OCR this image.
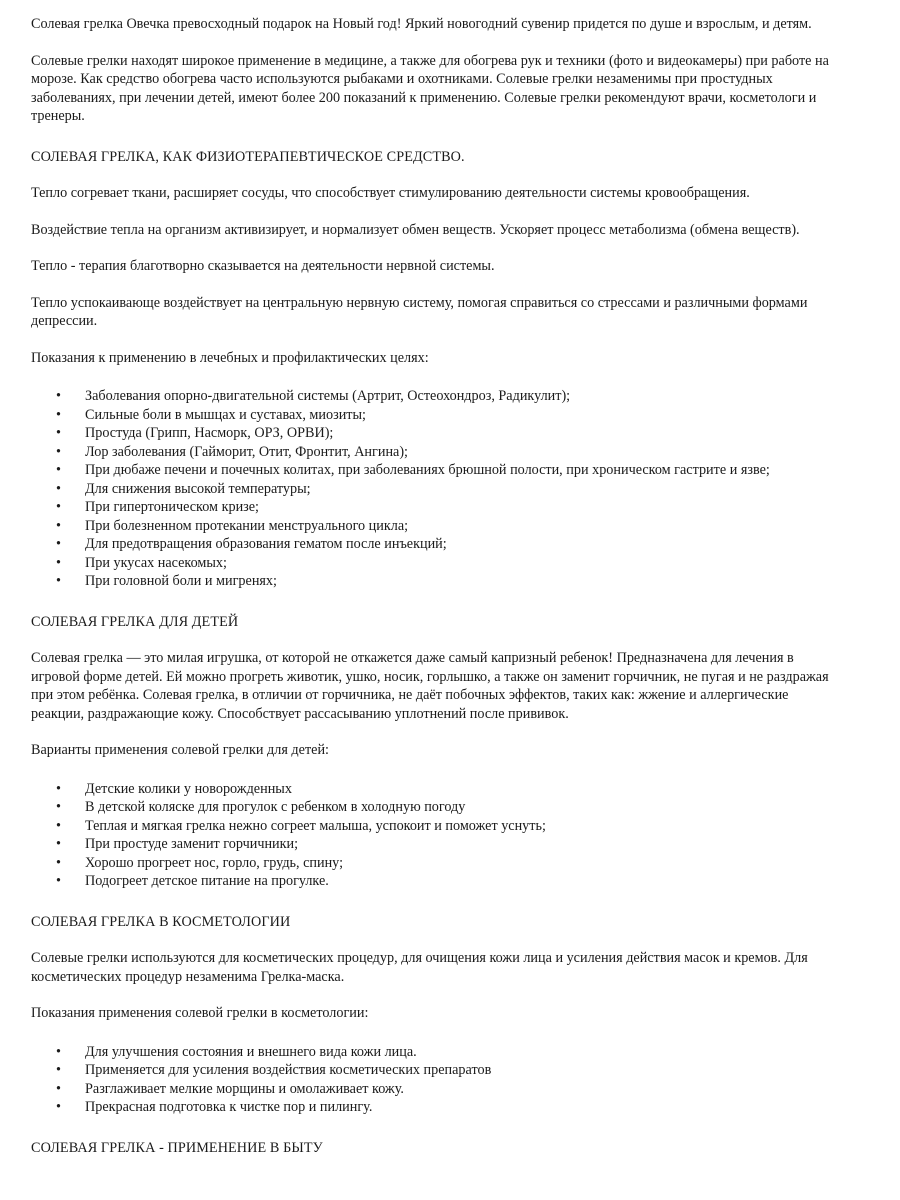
Солевая грелка Овечка превосходный подарок на Новый год! Яркий новогодний сувенир придется по душе и взрослым, и детям.

Солевые грелки находят широкое применение в медицине, а также для обогрева рук и техники (фото и видеокамеры) при работе на морозе. Как средство обогрева часто используются рыбаками и охотниками. Солевые грелки незаменимы при простудных заболеваниях, при лечении детей, имеют более 200 показаний к применению. Солевые грелки рекомендуют врачи, косметологи и тренеры.

СОЛЕВАЯ ГРЕЛКА, КАК ФИЗИОТЕРАПЕВТИЧЕСКОЕ СРЕДСТВО.

Тепло согревает ткани, расширяет сосуды, что способствует стимулированию деятельности системы кровообращения.

Воздействие тепла на организм активизирует, и нормализует обмен веществ. Ускоряет процесс метаболизма (обмена веществ).

Тепло - терапия благотворно сказывается на деятельности нервной системы.

Тепло успокаивающе воздействует на центральную нервную систему, помогая справиться со стрессами и различными формами депрессии.

Показания к применению в лечебных и профилактических целях:

• Заболевания опорно-двигательной системы (Артрит, Остеохондроз, Радикулит);
• Сильные боли в мышцах и суставах, миозиты;
• Простуда (Грипп, Насморк, ОРЗ, ОРВИ);
• Лор заболевания (Гайморит, Отит, Фронтит, Ангина);
• При дюбаже печени и почечных колитах, при заболеваниях брюшной полости, при хроническом гастрите и язве;
• Для снижения высокой температуры;
• При гипертоническом кризе;
• При болезненном протекании менструального цикла;
• Для предотвращения образования гематом после инъекций;
• При укусах насекомых;
• При головной боли и мигренях;

СОЛЕВАЯ ГРЕЛКА ДЛЯ ДЕТЕЙ

Солевая грелка — это милая игрушка, от которой не откажется даже самый капризный ребенок! Предназначена для лечения в игровой форме детей. Ей можно прогреть животик, ушко, носик, горлышко, а также он заменит горчичник, не пугая и не раздражая при этом ребёнка. Солевая грелка, в отличии от горчичника, не даёт побочных эффектов, таких как: жжение и аллергические реакции, раздражающие кожу. Способствует рассасыванию уплотнений после прививок.

Варианты применения солевой грелки для детей:

• Детские колики у новорожденных
• В детской коляске для прогулок с ребенком в холодную погоду
• Теплая и мягкая грелка нежно согреет малыша, успокоит и поможет уснуть;
• При простуде заменит горчичники;
• Хорошо прогреет нос, горло, грудь, спину;
• Подогреет детское питание на прогулке.

СОЛЕВАЯ ГРЕЛКА В КОСМЕТОЛОГИИ

Солевые грелки используются для косметических процедур, для очищения кожи лица и усиления действия масок и кремов. Для косметических процедур незаменима Грелка-маска.

Показания применения солевой грелки в косметологии:

• Для улучшения состояния и внешнего вида кожи лица.
• Применяется для усиления воздействия косметических препаратов
• Разглаживает мелкие морщины и омолаживает кожу.
• Прекрасная подготовка к чистке пор и пилингу.

СОЛЕВАЯ ГРЕЛКА - ПРИМЕНЕНИЕ В БЫТУ
